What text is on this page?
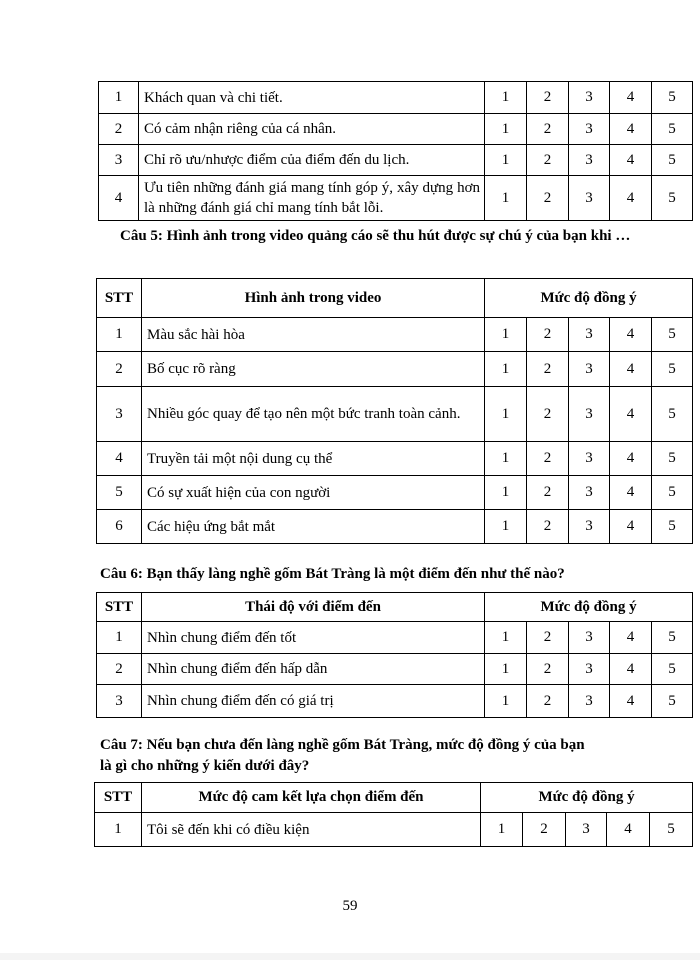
1	Khách quan và chi tiết.	1	2	3	4	5
2	Có cảm nhận riêng của cá nhân.	1	2	3	4	5
3	Chỉ rõ ưu/nhược điểm của điểm đến du lịch.	1	2	3	4	5
4	Ưu tiên những đánh giá mang tính góp ý, xây dựng hơn là những đánh giá chỉ mang tính bắt lỗi.	1	2	3	4	5
Câu 5: Hình ảnh trong video quảng cáo sẽ thu hút được sự chú ý của bạn khi …
STT	Hình ảnh trong video	Mức độ đồng ý				
1	Màu sắc hài hòa	1	2	3	4	5
2	Bố cục rõ ràng	1	2	3	4	5
3	Nhiều góc quay để tạo nên một bức tranh toàn cảnh.	1	2	3	4	5
4	Truyền tải một nội dung cụ thể	1	2	3	4	5
5	Có sự xuất hiện của con người	1	2	3	4	5
6	Các hiệu ứng bắt mắt	1	2	3	4	5
Câu 6: Bạn thấy làng nghề gốm Bát Tràng là một điểm đến như thế nào?
STT	Thái độ với điểm đến	Mức độ đồng ý				
1	Nhìn chung điểm đến tốt	1	2	3	4	5
2	Nhìn chung điểm đến hấp dẫn	1	2	3	4	5
3	Nhìn chung điểm đến có giá trị	1	2	3	4	5
Câu 7: Nếu bạn chưa đến làng nghề gốm Bát Tràng, mức độ đồng ý của bạn
là gì cho những ý kiến dưới đây?
STT	Mức độ cam kết lựa chọn điểm đến	Mức độ đồng ý				
1	Tôi sẽ đến khi có điều kiện	1	2	3	4	5
59
